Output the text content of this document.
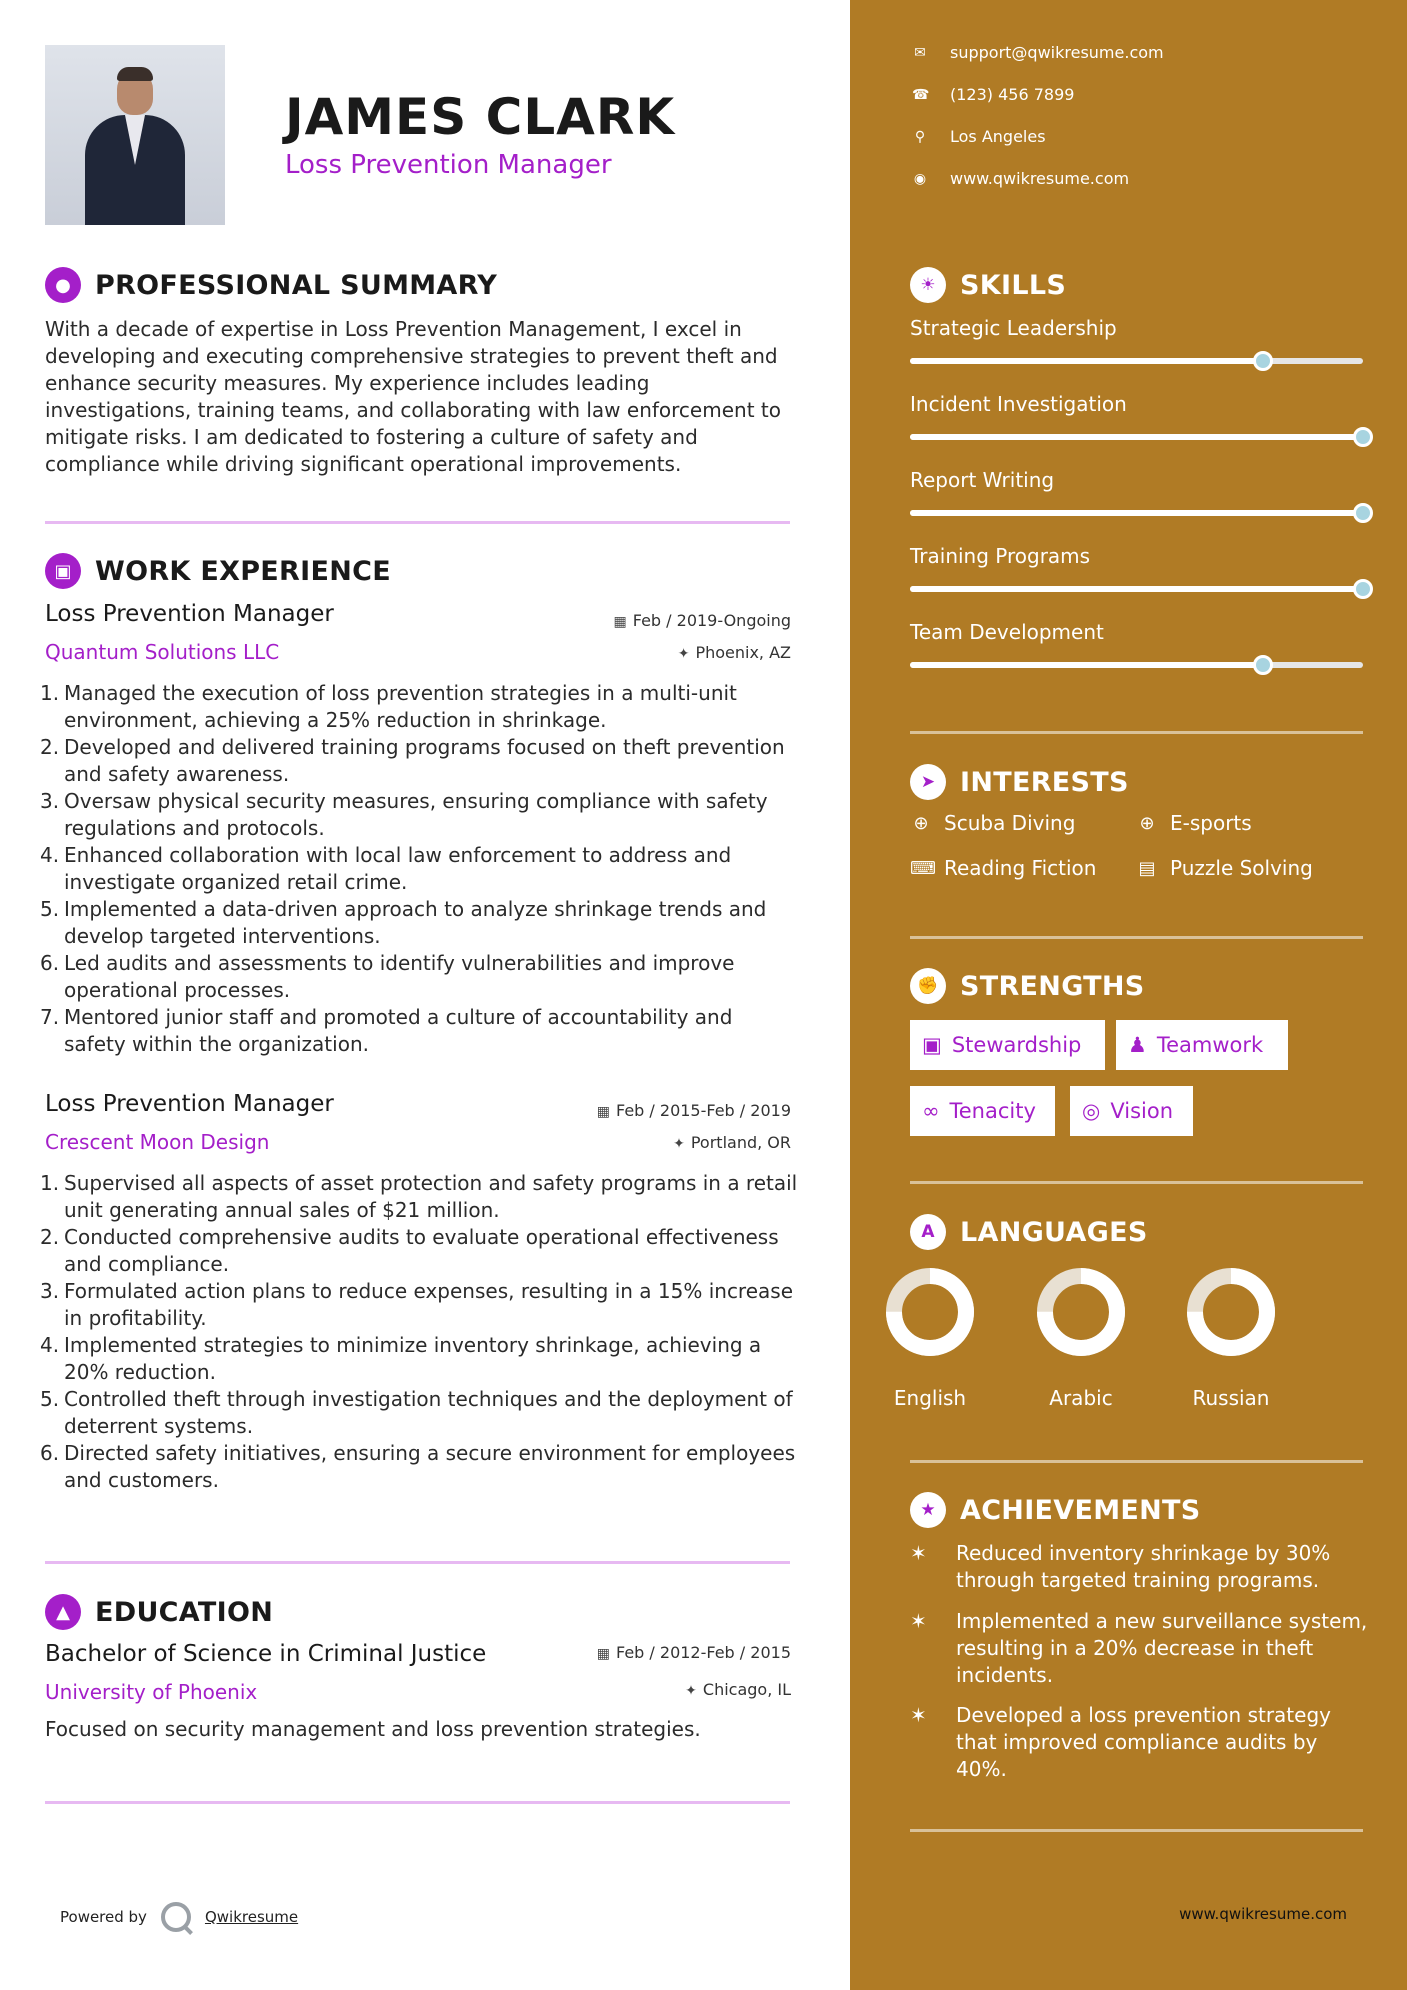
JAMES CLARK
Loss Prevention Manager
● PROFESSIONAL SUMMARY
With a decade of expertise in Loss Prevention Management, I excel in developing and executing comprehensive strategies to prevent theft and enhance security measures. My experience includes leading investigations, training teams, and collaborating with law enforcement to mitigate risks. I am dedicated to fostering a culture of safety and compliance while driving significant operational improvements.
▣ WORK EXPERIENCE
Loss Prevention Manager	▦ Feb / 2019-Ongoing
Quantum Solutions LLC	✦ Phoenix, AZ
1. Managed the execution of loss prevention strategies in a multi-unit environment, achieving a 25% reduction in shrinkage.
2. Developed and delivered training programs focused on theft prevention and safety awareness.
3. Oversaw physical security measures, ensuring compliance with safety regulations and protocols.
4. Enhanced collaboration with local law enforcement to address and investigate organized retail crime.
5. Implemented a data-driven approach to analyze shrinkage trends and develop targeted interventions.
6. Led audits and assessments to identify vulnerabilities and improve operational processes.
7. Mentored junior staff and promoted a culture of accountability and safety within the organization.
Loss Prevention Manager	▦ Feb / 2015-Feb / 2019
Crescent Moon Design	✦ Portland, OR
1. Supervised all aspects of asset protection and safety programs in a retail unit generating annual sales of $21 million.
2. Conducted comprehensive audits to evaluate operational effectiveness and compliance.
3. Formulated action plans to reduce expenses, resulting in a 15% increase in profitability.
4. Implemented strategies to minimize inventory shrinkage, achieving a 20% reduction.
5. Controlled theft through investigation techniques and the deployment of deterrent systems.
6. Directed safety initiatives, ensuring a secure environment for employees and customers.
▲ EDUCATION
Bachelor of Science in Criminal Justice	▦ Feb / 2012-Feb / 2015
University of Phoenix	✦ Chicago, IL
Focused on security management and loss prevention strategies.
Powered by	Qwikresume
✉ support@qwikresume.com
☎ (123) 456 7899
⚲ Los Angeles
◉ www.qwikresume.com
☀ SKILLS
Strategic Leadership
Incident Investigation
Report Writing
Training Programs
Team Development
➤ INTERESTS
⊕ Scuba Diving	⊕ E-sports
⌨ Reading Fiction ▤ Puzzle Solving
✊ STRENGTHS
▣ Stewardship ♟ Teamwork
∞ Tenacity ◎ Vision
A LANGUAGES
English	Arabic	Russian
★ ACHIEVEMENTS
✶	Reduced inventory shrinkage by 30% through targeted training programs.
✶	Implemented a new surveillance system, resulting in a 20% decrease in theft incidents.
✶	Developed a loss prevention strategy that improved compliance audits by 40%.
www.qwikresume.com
